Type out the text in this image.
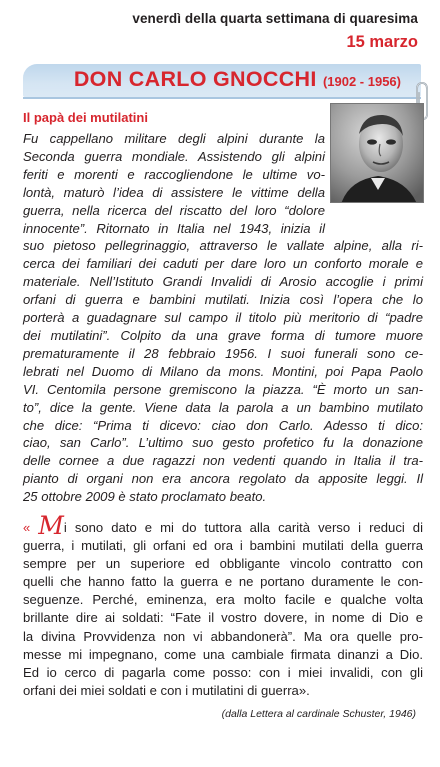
venerdì della quarta settimana di quaresima
15 marzo
DON CARLO GNOCCHI (1902 - 1956)
Il papà dei mutilatini
Fu cappellano militare degli alpini durante la
Seconda guerra mondiale. Assistendo gli alpini
feriti e morenti e raccogliendone le ultime vo-
lontà, maturò l’idea di assistere le vittime della
guerra, nella ricerca del riscatto del loro “dolore
innocente”. Ritornato in Italia nel 1943, inizia il
suo pietoso pellegrinaggio, attraverso le vallate alpine, alla ri-
cerca dei familiari dei caduti per dare loro un conforto morale e
materiale. Nell’Istituto Grandi Invalidi di Arosio accoglie i primi
orfani di guerra e bambini mutilati. Inizia così l’opera che lo
porterà a guadagnare sul campo il titolo più meritorio di “padre
dei mutilatini”. Colpito da una grave forma di tumore muore
prematuramente il 28 febbraio 1956. I suoi funerali sono ce-
lebrati nel Duomo di Milano da mons. Montini, poi Papa Paolo
VI. Centomila persone gremiscono la piazza. “È morto un san-
to”, dice la gente. Viene data la parola a un bambino mutilato
che dice: “Prima ti dicevo: ciao don Carlo. Adesso ti dico:
ciao, san Carlo”. L’ultimo suo gesto profetico fu la donazione
delle cornee a due ragazzi non vedenti quando in Italia il tra-
pianto di organi non era ancora regolato da apposite leggi. Il
25 ottobre 2009 è stato proclamato beato.
« Mi sono dato e mi do tuttora alla carità verso i reduci di
guerra, i mutilati, gli orfani ed ora i bambini mutilati della guerra
sempre per un superiore ed obbligante vincolo contratto con
quelli che hanno fatto la guerra e ne portano duramente le con-
seguenze. Perché, eminenza, era molto facile e qualche volta
brillante dire ai soldati: “Fate il vostro dovere, in nome di Dio e
la divina Provvidenza non vi abbandonerà”. Ma ora quelle pro-
messe mi impegnano, come una cambiale firmata dinanzi a Dio.
Ed io cerco di pagarla come posso: con i miei invalidi, con gli
orfani dei miei soldati e con i mutilatini di guerra».
(dalla Lettera al cardinale Schuster, 1946)
